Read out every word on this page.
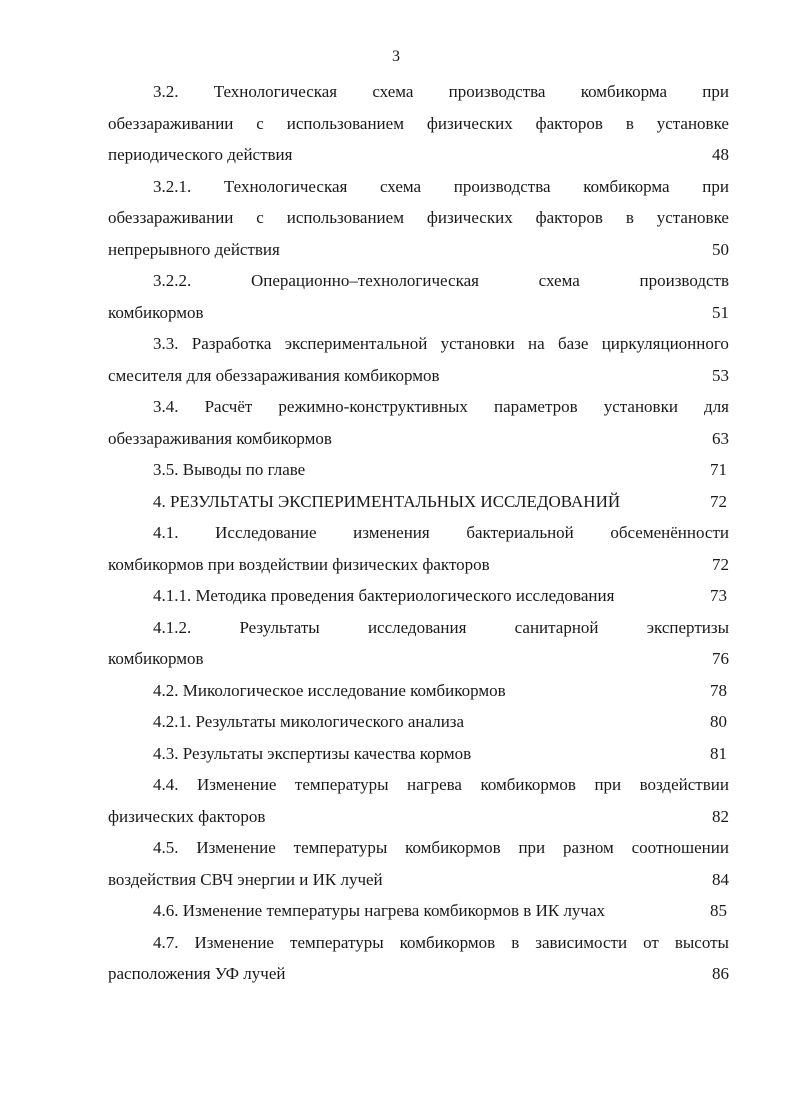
3
3.2. Технологическая схема производства комбикорма при
обеззараживании с использованием физических факторов в установке
периодического действия	48
3.2.1. Технологическая схема производства комбикорма при
обеззараживании с использованием физических факторов в установке
непрерывного действия	50
3.2.2.	Операционно–технологическая	схема	производств
комбикормов	51
3.3. Разработка экспериментальной установки на базе циркуляционного
смесителя для обеззараживания комбикормов	53
3.4. Расчёт режимно-конструктивных параметров установки для
обеззараживания комбикормов	63
3.5. Выводы по главе	71
4. РЕЗУЛЬТАТЫ ЭКСПЕРИМЕНТАЛЬНЫХ ИССЛЕДОВАНИЙ	72
4.1. Исследование изменения бактериальной обсеменённости
комбикормов при воздействии физических факторов	72
4.1.1. Методика проведения бактериологического исследования	73
4.1.2.	Результаты	исследования	санитарной	экспертизы
комбикормов	76
4.2. Микологическое исследование комбикормов	78
4.2.1. Результаты микологического анализа	80
4.3. Результаты экспертизы качества кормов	81
4.4. Изменение температуры нагрева комбикормов при воздействии
физических факторов	82
4.5. Изменение температуры комбикормов при разном соотношении
воздействия СВЧ энергии и ИК лучей	84
4.6. Изменение температуры нагрева комбикормов в ИК лучах	85
4.7. Изменение температуры комбикормов в зависимости от высоты
расположения УФ лучей	86
